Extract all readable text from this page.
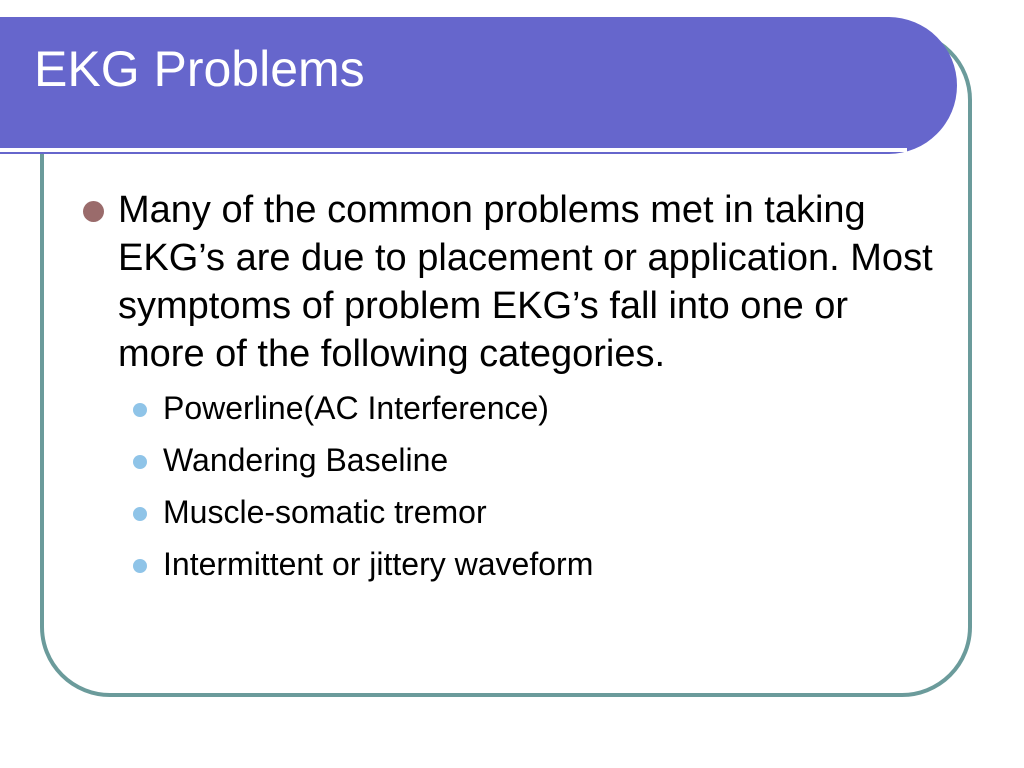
EKG Problems
Many of the common problems met in taking EKG’s are due to placement or application. Most symptoms of problem EKG’s fall into one or more of the following categories.
Powerline(AC Interference)
Wandering Baseline
Muscle-somatic tremor
Intermittent or jittery waveform
